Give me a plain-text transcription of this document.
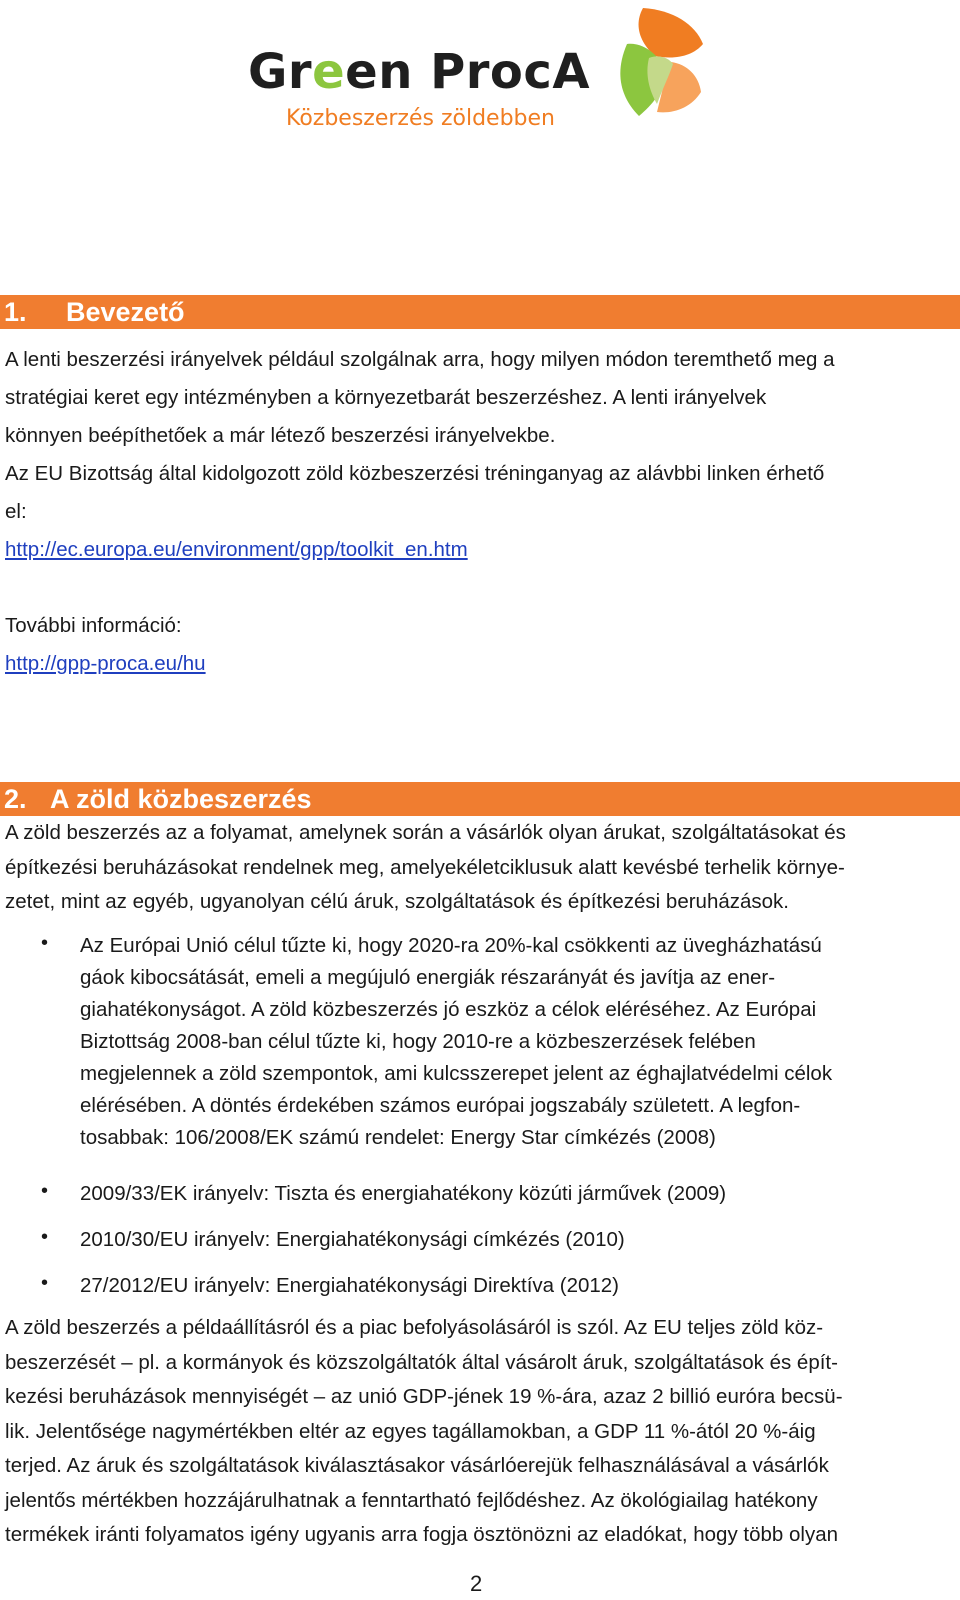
Green ProcA
Közbeszerzés zöldebben
1. Bevezető
A lenti beszerzési irányelvek például szolgálnak arra, hogy milyen módon teremthető meg a
stratégiai keret egy intézményben a környezetbarát beszerzéshez. A lenti irányelvek
könnyen beépíthetőek a már létező beszerzési irányelvekbe.
Az EU Bizottság által kidolgozott zöld közbeszerzési tréninganyag az alávbbi linken érhető
el:
http://ec.europa.eu/environment/gpp/toolkit_en.htm

További információ:
http://gpp-proca.eu/hu
2. A zöld közbeszerzés
A zöld beszerzés az a folyamat, amelynek során a vásárlók olyan árukat, szolgáltatásokat és
építkezési beruházásokat rendelnek meg, amelyekéletciklusuk alatt kevésbé terhelik környe-
zetet, mint az egyéb, ugyanolyan célú áruk, szolgáltatások és építkezési beruházások.
• Az Európai Unió célul tűzte ki, hogy 2020-ra 20%-kal csökkenti az üvegházhatású
gáok kibocsátását, emeli a megújuló energiák részarányát és javítja az ener-
giahatékonyságot. A zöld közbeszerzés jó eszköz a célok eléréséhez. Az Európai
Biztottság 2008-ban célul tűzte ki, hogy 2010-re a közbeszerzések felében
megjelennek a zöld szempontok, ami kulcsszerepet jelent az éghajlatvédelmi célok
elérésében. A döntés érdekében számos európai jogszabály született. A legfon-
tosabbak: 106/2008/EK számú rendelet: Energy Star címkézés (2008)
• 2009/33/EK irányelv: Tiszta és energiahatékony közúti járművek (2009)
• 2010/30/EU irányelv: Energiahatékonysági címkézés (2010)
• 27/2012/EU irányelv: Energiahatékonysági Direktíva (2012)
A zöld beszerzés a példaállításról és a piac befolyásolásáról is szól. Az EU teljes zöld köz-
beszerzését – pl. a kormányok és közszolgáltatók által vásárolt áruk, szolgáltatások és épít-
kezési beruházások mennyiségét – az unió GDP-jének 19 %-ára, azaz 2 billió euróra becsü-
lik. Jelentősége nagymértékben eltér az egyes tagállamokban, a GDP 11 %-ától 20 %-áig
terjed. Az áruk és szolgáltatások kiválasztásakor vásárlóerejük felhasználásával a vásárlók
jelentős mértékben hozzájárulhatnak a fenntartható fejlődéshez. Az ökológiailag hatékony
termékek iránti folyamatos igény ugyanis arra fogja ösztönözni az eladókat, hogy több olyan
2
